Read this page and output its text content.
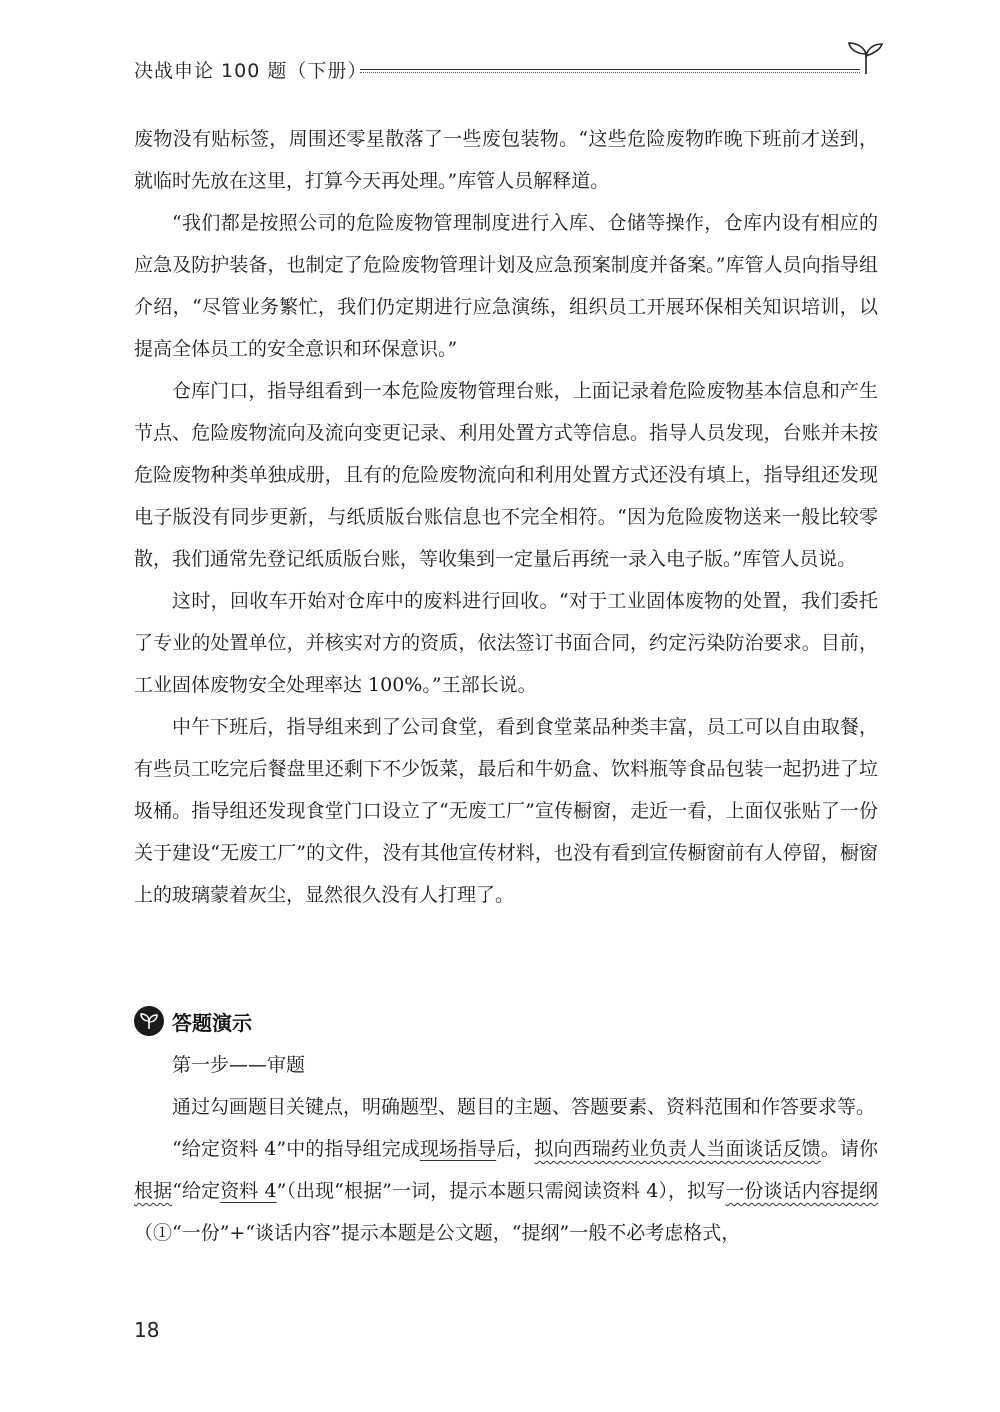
决战申论 100 题（下册）

废物没有贴标签，周围还零星散落了一些废包装物。“这些危险废物昨晚下班前才送到，就临时先放在这里，打算今天再处理。”库管人员解释道。

“我们都是按照公司的危险废物管理制度进行入库、仓储等操作，仓库内设有相应的应急及防护装备，也制定了危险废物管理计划及应急预案制度并备案。”库管人员向指导组介绍，“尽管业务繁忙，我们仍定期进行应急演练，组织员工开展环保相关知识培训，以提高全体员工的安全意识和环保意识。”

仓库门口，指导组看到一本危险废物管理台账，上面记录着危险废物基本信息和产生节点、危险废物流向及流向变更记录、利用处置方式等信息。指导人员发现，台账并未按危险废物种类单独成册，且有的危险废物流向和利用处置方式还没有填上，指导组还发现电子版没有同步更新，与纸质版台账信息也不完全相符。“因为危险废物送来一般比较零散，我们通常先登记纸质版台账，等收集到一定量后再统一录入电子版。”库管人员说。

这时，回收车开始对仓库中的废料进行回收。“对于工业固体废物的处置，我们委托了专业的处置单位，并核实对方的资质，依法签订书面合同，约定污染防治要求。目前，工业固体废物安全处理率达 100%。”王部长说。

中午下班后，指导组来到了公司食堂，看到食堂菜品种类丰富，员工可以自由取餐，有些员工吃完后餐盘里还剩下不少饭菜，最后和牛奶盒、饮料瓶等食品包装一起扔进了垃圾桶。指导组还发现食堂门口设立了“无废工厂”宣传橱窗，走近一看，上面仅张贴了一份关于建设“无废工厂”的文件，没有其他宣传材料，也没有看到宣传橱窗前有人停留，橱窗上的玻璃蒙着灰尘，显然很久没有人打理了。

答题演示

第一步——审题

通过勾画题目关键点，明确题型、题目的主题、答题要素、资料范围和作答要求等。

“给定资料 4”中的指导组完成现场指导后，拟向西瑞药业负责人当面谈话反馈。请你根据“给定资料 4”（出现“根据”一词，提示本题只需阅读资料 4），拟写一份谈话内容提纲（①“一份”+“谈话内容”提示本题是公文题，“提纲”一般不必考虑格式，

18
